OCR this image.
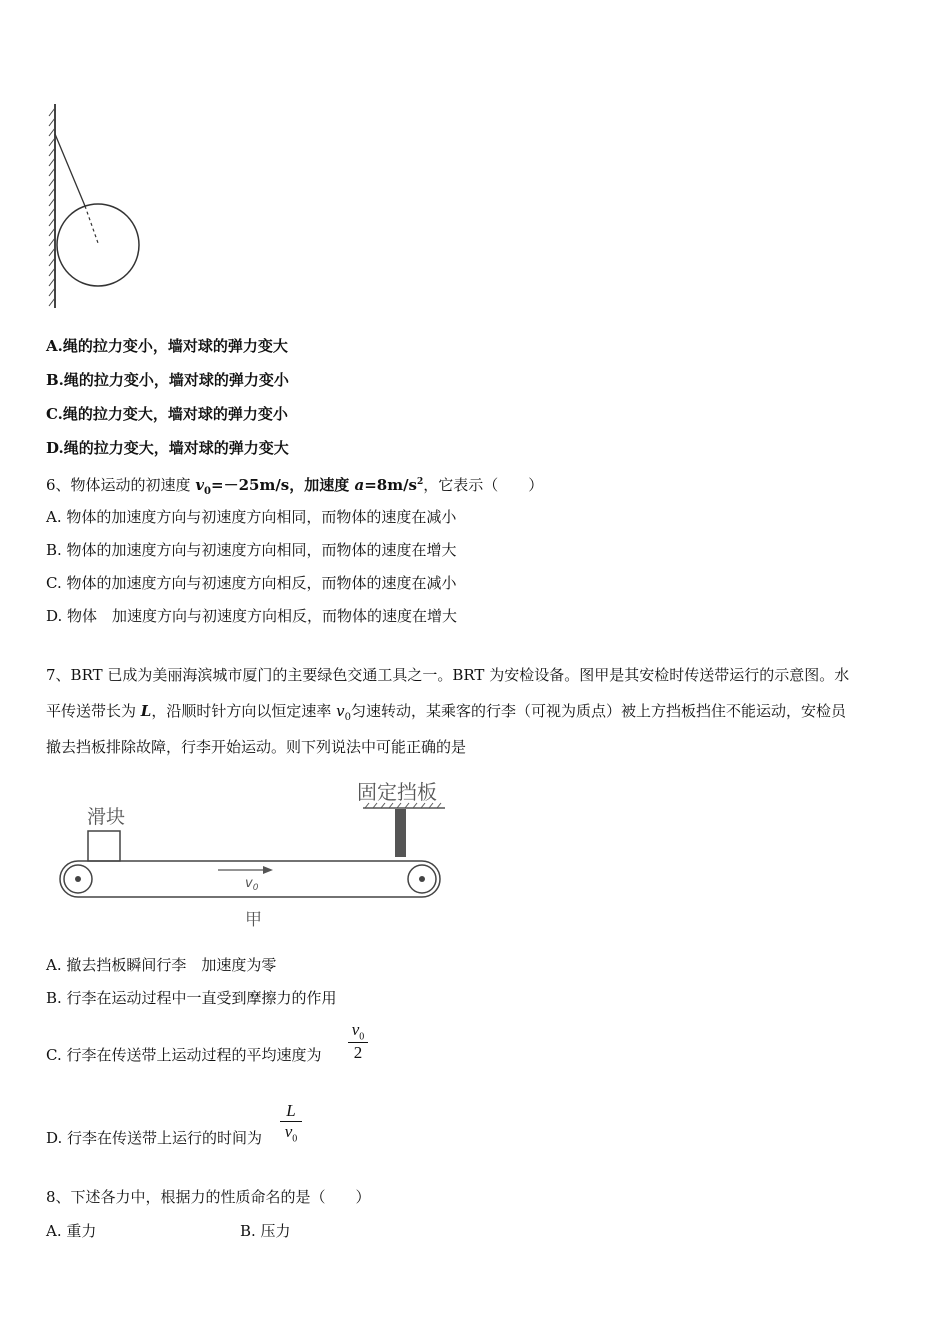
A.绳的拉力变小，墙对球的弹力变大
B.绳的拉力变小，墙对球的弹力变小
C.绳的拉力变大，墙对球的弹力变小
D.绳的拉力变大，墙对球的弹力变大
6、物体运动的初速度 $v_0=-25m/s$，加速度 $a=8m/s^2$，它表示（　　）
A. 物体的加速度方向与初速度方向相同，而物体的速度在减小
B. 物体的加速度方向与初速度方向相同，而物体的速度在增大
C. 物体的加速度方向与初速度方向相反，而物体的速度在减小
D. 物体　加速度方向与初速度方向相反，而物体的速度在增大
7、BRT 已成为美丽海滨城市厦门的主要绿色交通工具之一。BRT 为安检设备。图甲是其安检时传送带运行的示意图。水
平传送带长为 L，沿顺时针方向以恒定速率 $v_0$匀速转动，某乘客的行李（可视为质点）被上方挡板挡住不能运动，安检员
撤去挡板排除故障，行李开始运动。则下列说法中可能正确的是
滑块
固定挡板
$v_0$
甲
A. 撤去挡板瞬间行李　加速度为零
B. 行李在运动过程中一直受到摩擦力的作用
C. 行李在传送带上运动过程的平均速度为
$v_0$
2
D. 行李在传送带上运行的时间为
L
$v_0$
8、下述各力中，根据力的性质命名的是（　　）
A. 重力	B. 压力
